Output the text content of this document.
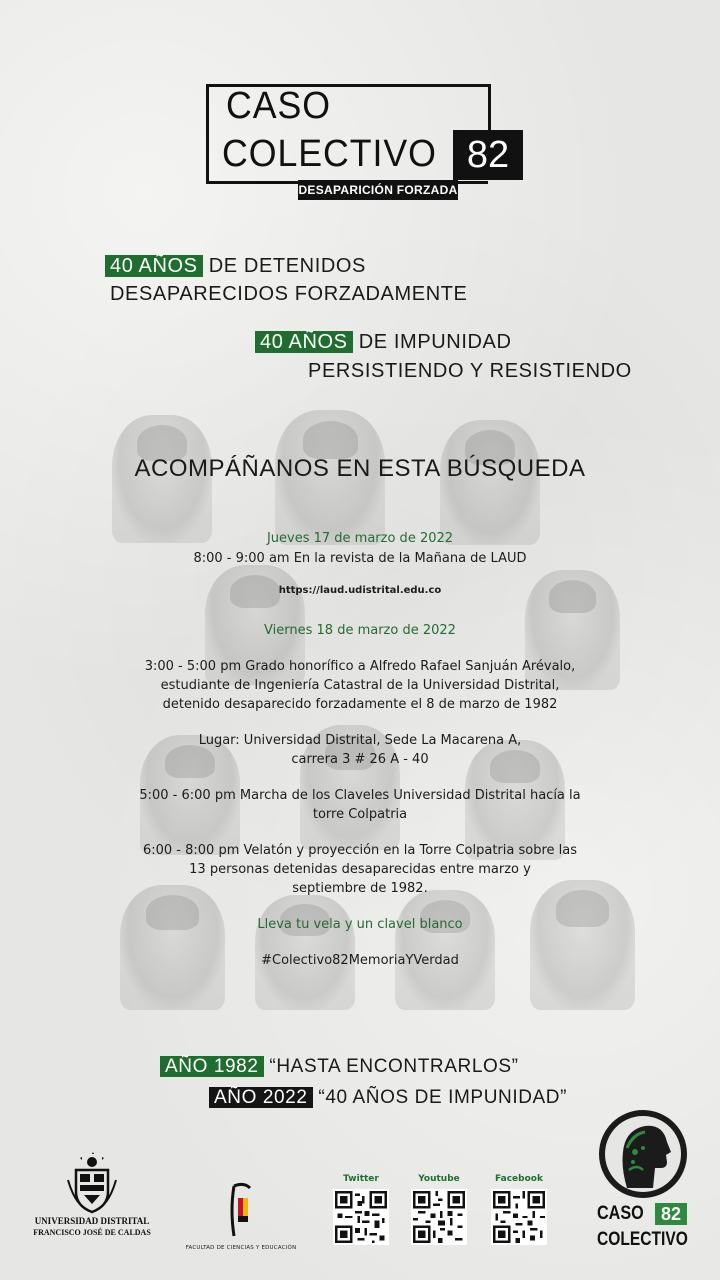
CASO
COLECTIVO 82
DESAPARICIÓN FORZADA
40 AÑOS DE DETENIDOS
DESAPARECIDOS FORZADAMENTE
40 AÑOS DE IMPUNIDAD
PERSISTIENDO Y RESISTIENDO
ACOMPÁÑANOS EN ESTA BÚSQUEDA
Jueves 17 de marzo de 2022
8:00 - 9:00 am En la revista de la Mañana de LAUD
https://laud.udistrital.edu.co
Viernes 18 de marzo de 2022
3:00 - 5:00 pm Grado honorífico a Alfredo Rafael Sanjuán Arévalo,
estudiante de Ingeniería Catastral de la Universidad Distrital,
detenido desaparecido forzadamente el 8 de marzo de 1982
Lugar: Universidad Distrital, Sede La Macarena A,
carrera 3 # 26 A - 40
5:00 - 6:00 pm Marcha de los Claveles Universidad Distrital hacía la
torre Colpatria
6:00 - 8:00 pm Velatón y proyección en la Torre Colpatria sobre las
13 personas detenidas desaparecidas entre marzo y
septiembre de 1982.
Lleva tu vela y un clavel blanco
#Colectivo82MemoriaYVerdad
AÑO 1982 “HASTA ENCONTRARLOS”
AÑO 2022 “40 AÑOS DE IMPUNIDAD”
UNIVERSIDAD DISTRITAL
FRANCISCO JOSÉ DE CALDAS
FACULTAD DE CIENCIAS Y EDUCACIÓN
Twitter	Youtube	Facebook
CASO 82
COLECTIVO
